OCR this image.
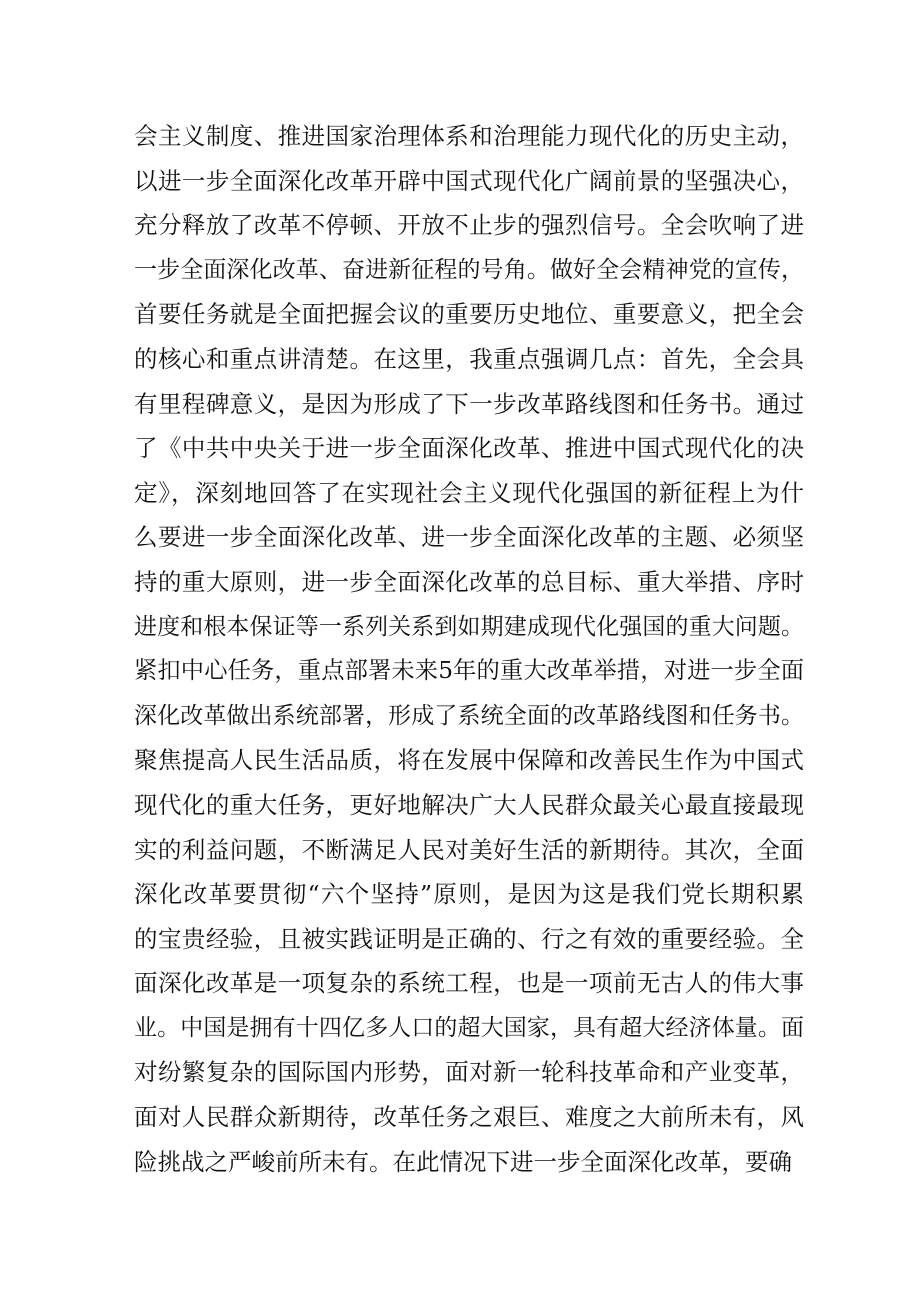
会主义制度、推进国家治理体系和治理能力现代化的历史主动，
以进一步全面深化改革开辟中国式现代化广阔前景的坚强决心，
充分释放了改革不停顿、开放不止步的强烈信号。全会吹响了进
一步全面深化改革、奋进新征程的号角。做好全会精神党的宣传，
首要任务就是全面把握会议的重要历史地位、重要意义，把全会
的核心和重点讲清楚。在这里，我重点强调几点：首先，全会具
有里程碑意义，是因为形成了下一步改革路线图和任务书。通过
了《中共中央关于进一步全面深化改革、推进中国式现代化的决
定》，深刻地回答了在实现社会主义现代化强国的新征程上为什
么要进一步全面深化改革、进一步全面深化改革的主题、必须坚
持的重大原则，进一步全面深化改革的总目标、重大举措、序时
进度和根本保证等一系列关系到如期建成现代化强国的重大问题。
紧扣中心任务，重点部署未来5年的重大改革举措，对进一步全面
深化改革做出系统部署，形成了系统全面的改革路线图和任务书。
聚焦提高人民生活品质，将在发展中保障和改善民生作为中国式
现代化的重大任务，更好地解决广大人民群众最关心最直接最现
实的利益问题，不断满足人民对美好生活的新期待。其次，全面
深化改革要贯彻“六个坚持”原则，是因为这是我们党长期积累
的宝贵经验，且被实践证明是正确的、行之有效的重要经验。全
面深化改革是一项复杂的系统工程，也是一项前无古人的伟大事
业。中国是拥有十四亿多人口的超大国家，具有超大经济体量。面
对纷繁复杂的国际国内形势，面对新一轮科技革命和产业变革，
面对人民群众新期待，改革任务之艰巨、难度之大前所未有，风
险挑战之严峻前所未有。在此情况下进一步全面深化改革，要确
